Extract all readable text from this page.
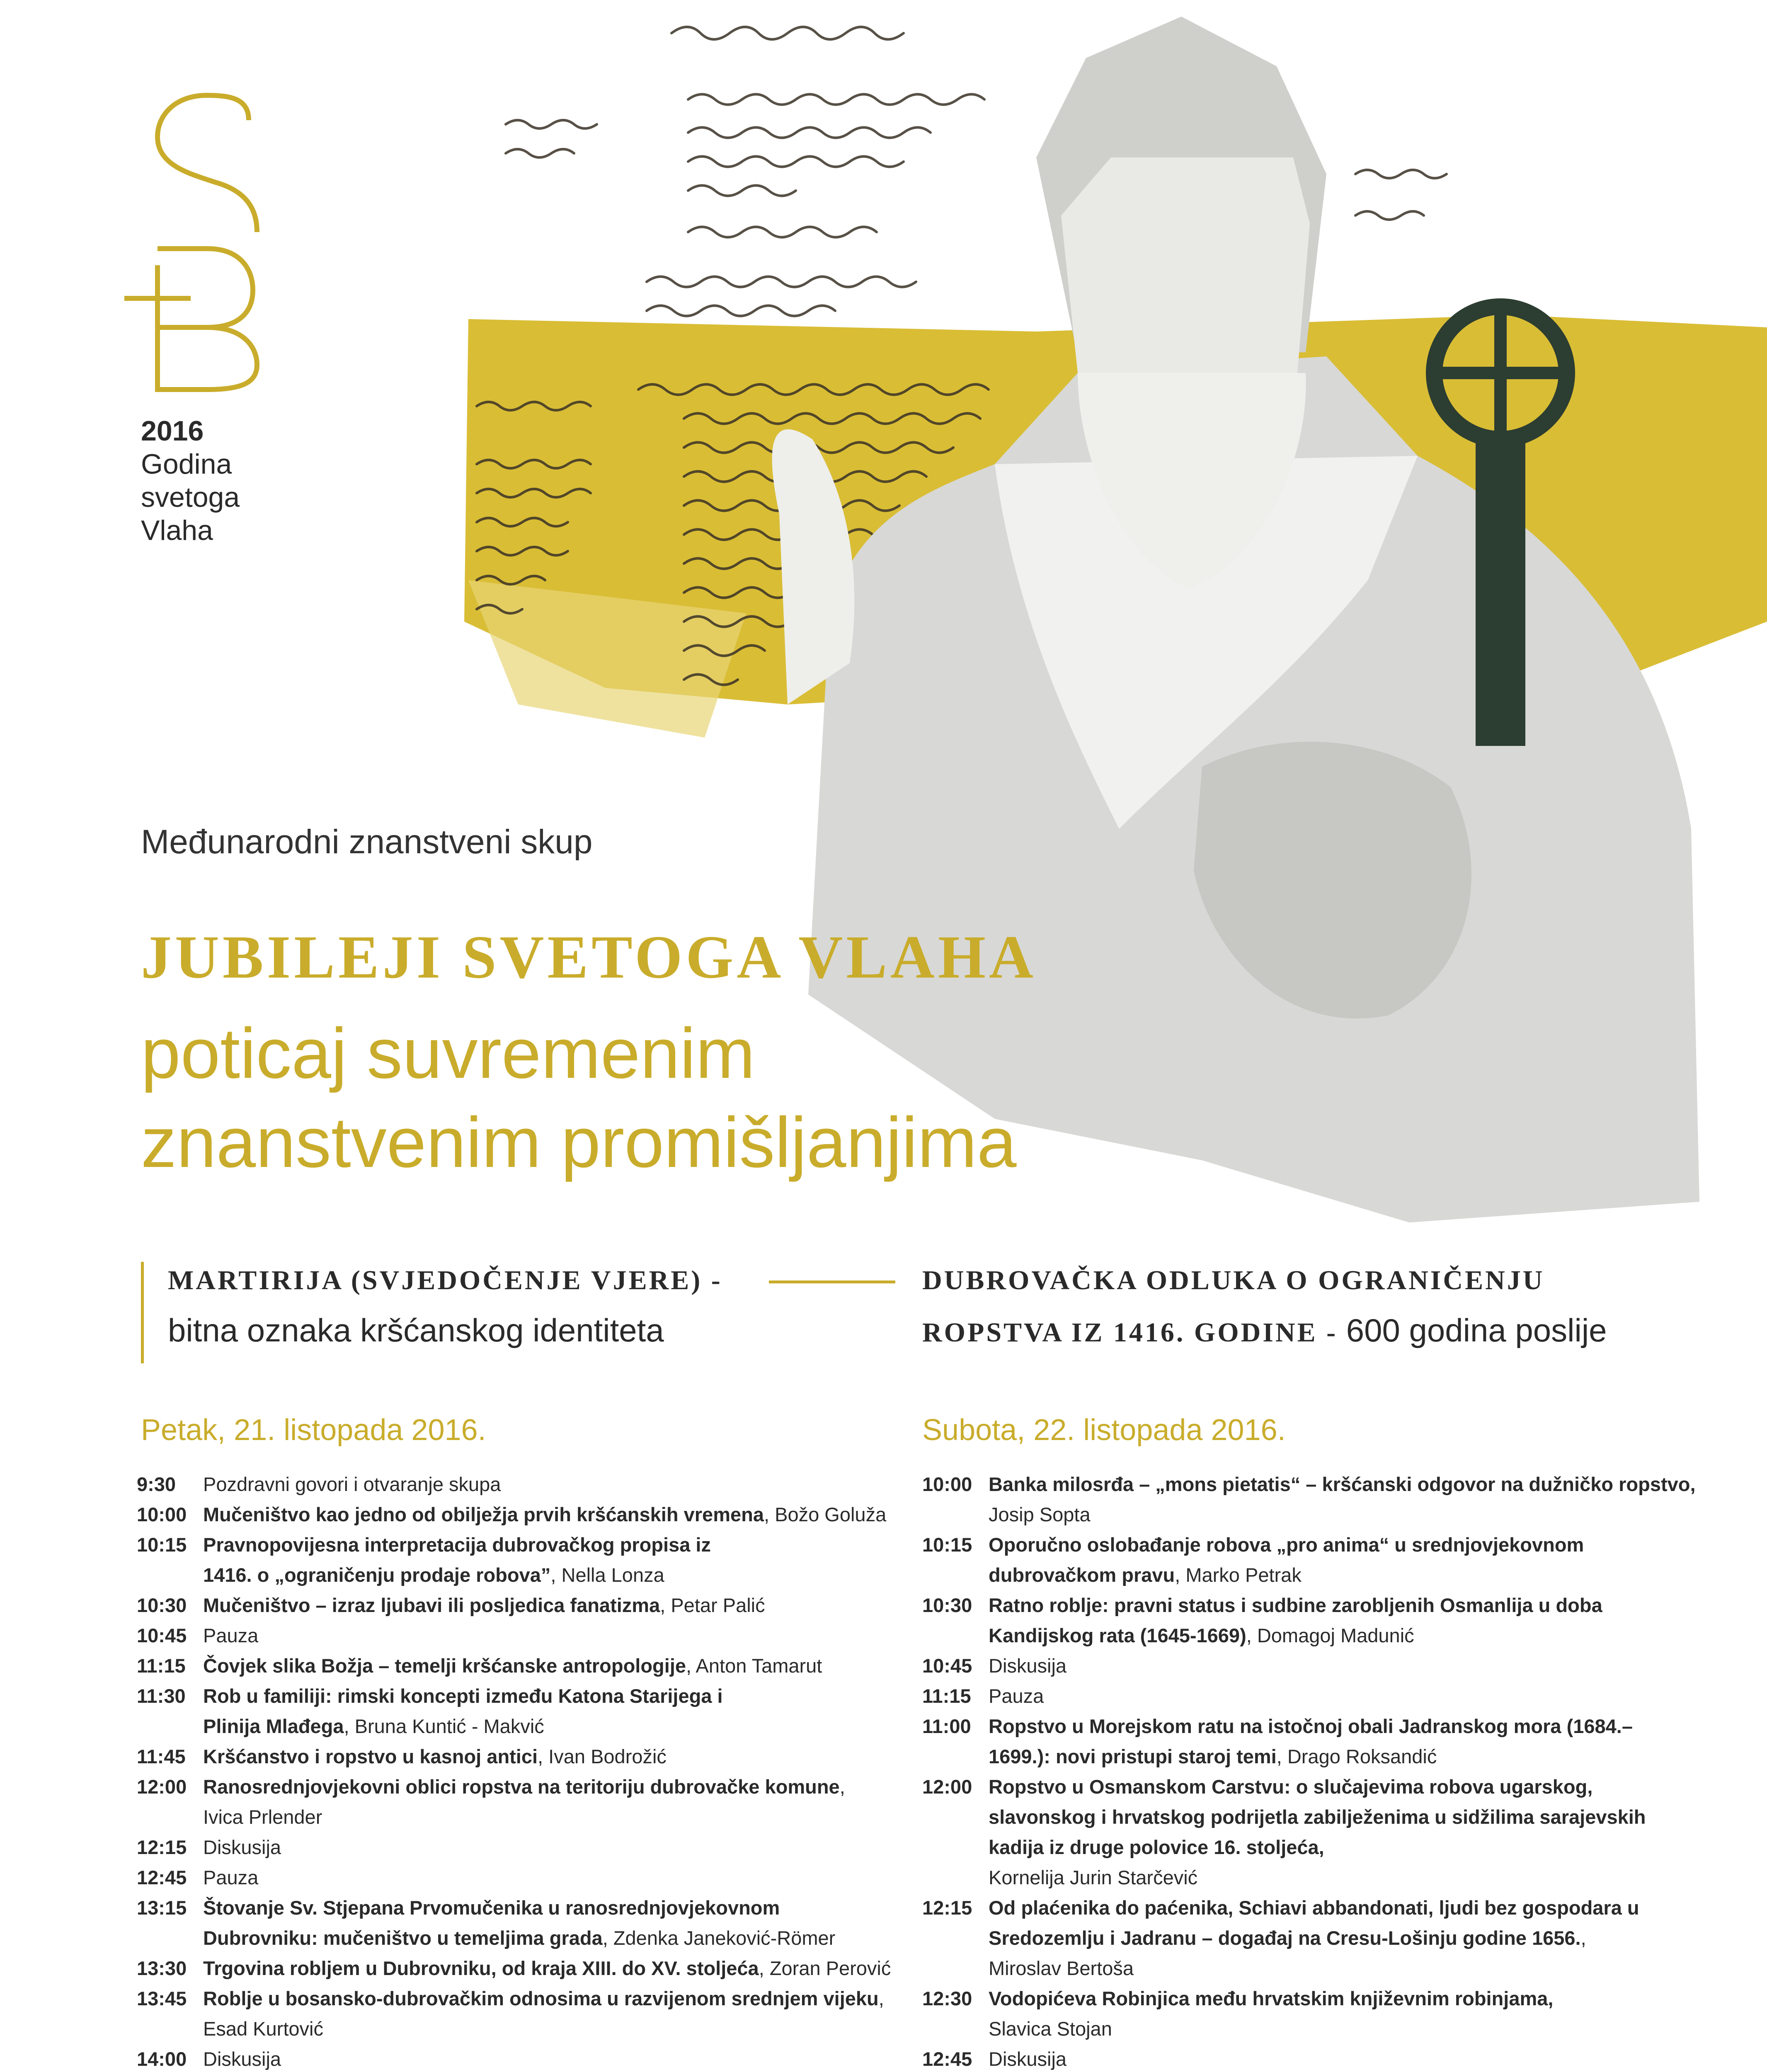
2016
Godina
svetoga
Vlaha
Međunarodni znanstveni skup
JUBILEJI SVETOGA VLAHA
poticaj suvremenim
znanstvenim promišljanjima
MARTIRIJA (SVJEDOČENJE VJERE) -
bitna oznaka kršćanskog identiteta
DUBROVAČKA ODLUKA O OGRANIČENJU
ROPSTVA IZ 1416. GODINE - 600 godina poslije
Petak, 21. listopada 2016.	Subota, 22. listopada 2016.
9:30	Pozdravni govori i otvaranje skupa
10:00 Mučeništvo kao jedno od obilježja prvih kršćanskih vremena, Božo Goluža
10:15 Pravnopovijesna interpretacija dubrovačkog propisa iz
1416. o „ograničenju prodaje robova”, Nella Lonza
10:30 Mučeništvo – izraz ljubavi ili posljedica fanatizma, Petar Palić
10:45 Pauza
11:15 Čovjek slika Božja – temelji kršćanske antropologije, Anton Tamarut
11:30 Rob u familiji: rimski koncepti između Katona Starijega i
Plinija Mlađega, Bruna Kuntić - Makvić
11:45 Kršćanstvo i ropstvo u kasnoj antici, Ivan Bodrožić
12:00 Ranosrednjovjekovni oblici ropstva na teritoriju dubrovačke komune,
Ivica Prlender
12:15 Diskusija
12:45 Pauza
13:15 Štovanje Sv. Stjepana Prvomučenika u ranosrednjovjekovnom
Dubrovniku: mučeništvo u temeljima grada, Zdenka Janeković-Römer
13:30 Trgovina robljem u Dubrovniku, od kraja XIII. do XV. stoljeća, Zoran Perović
13:45 Roblje u bosansko-dubrovačkim odnosima u razvijenom srednjem vijeku,
Esad Kurtović
14:00 Diskusija
10:00 Banka milosrđa – „mons pietatis“ – kršćanski odgovor na dužničko ropstvo,
Josip Sopta
10:15 Oporučno oslobađanje robova „pro anima“ u srednjovjekovnom
dubrovačkom pravu, Marko Petrak
10:30 Ratno roblje: pravni status i sudbine zarobljenih Osmanlija u doba
Kandijskog rata (1645-1669), Domagoj Madunić
10:45 Diskusija
11:15 Pauza
11:00 Ropstvo u Morejskom ratu na istočnoj obali Jadranskog mora (1684.–
1699.): novi pristupi staroj temi, Drago Roksandić
12:00 Ropstvo u Osmanskom Carstvu: o slučajevima robova ugarskog,
slavonskog i hrvatskog podrijetla zabilježenima u sidžilima sarajevskih
kadija iz druge polovice 16. stoljeća,
Kornelija Jurin Starčević
12:15 Od plaćenika do paćenika, Schiavi abbandonati, ljudi bez gospodara u
Sredozemlju i Jadranu – događaj na Cresu-Lošinju godine 1656.,
Miroslav Bertoša
12:30 Vodopićeva Robinjica među hrvatskim književnim robinjama,
Slavica Stojan
12:45 Diskusija
